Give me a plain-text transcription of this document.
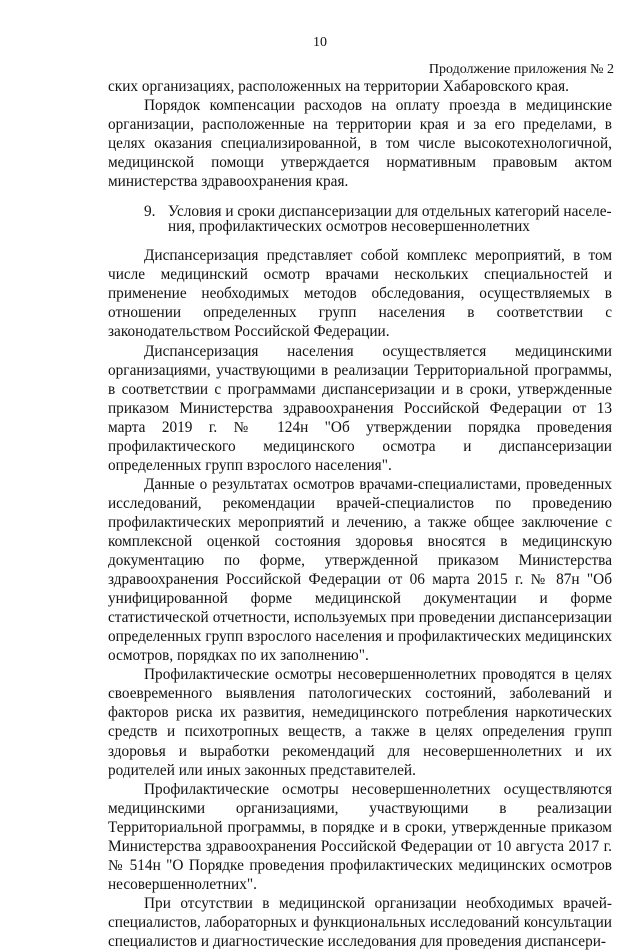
10
Продолжение приложения № 2

ских организациях, расположенных на территории Хабаровского края.

Порядок компенсации расходов на оплату проезда в медицинские организации, расположенные на территории края и за его пределами, в целях оказания специализированной, в том числе высокотехнологичной, медицинской помощи утверждается нормативным правовым актом министерства здравоохранения края.

9. Условия и сроки диспансеризации для отдельных категорий населе-
ния, профилактических осмотров несовершеннолетних

Диспансеризация представляет собой комплекс мероприятий, в том числе медицинский осмотр врачами нескольких специальностей и применение необходимых методов обследования, осуществляемых в отношении определенных групп населения в соответствии с законодательством Российской Федерации.

Диспансеризация населения осуществляется медицинскими организациями, участвующими в реализации Территориальной программы, в соответствии с программами диспансеризации и в сроки, утвержденные приказом Министерства здравоохранения Российской Федерации от 13 марта 2019 г. № 124н "Об утверждении порядка проведения профилактического медицинского осмотра и диспансеризации определенных групп взрослого населения".

Данные о результатах осмотров врачами-специалистами, проведенных исследований, рекомендации врачей-специалистов по проведению профилактических мероприятий и лечению, а также общее заключение с комплексной оценкой состояния здоровья вносятся в медицинскую документацию по форме, утвержденной приказом Министерства здравоохранения Российской Федерации от 06 марта 2015 г. № 87н "Об унифицированной форме медицинской документации и форме статистической отчетности, используемых при проведении диспансеризации определенных групп взрослого населения и профилактических медицинских осмотров, порядках по их заполнению".

Профилактические осмотры несовершеннолетних проводятся в целях своевременного выявления патологических состояний, заболеваний и факторов риска их развития, немедицинского потребления наркотических средств и психотропных веществ, а также в целях определения групп здоровья и выработки рекомендаций для несовершеннолетних и их родителей или иных законных представителей.

Профилактические осмотры несовершеннолетних осуществляются медицинскими организациями, участвующими в реализации Территориальной программы, в порядке и в сроки, утвержденные приказом Министерства здравоохранения Российской Федерации от 10 августа 2017 г. № 514н "О Порядке проведения профилактических медицинских осмотров несовершеннолетних".

При отсутствии в медицинской организации необходимых врачей-специалистов, лабораторных и функциональных исследований консультации специалистов и диагностические исследования для проведения диспансери-
